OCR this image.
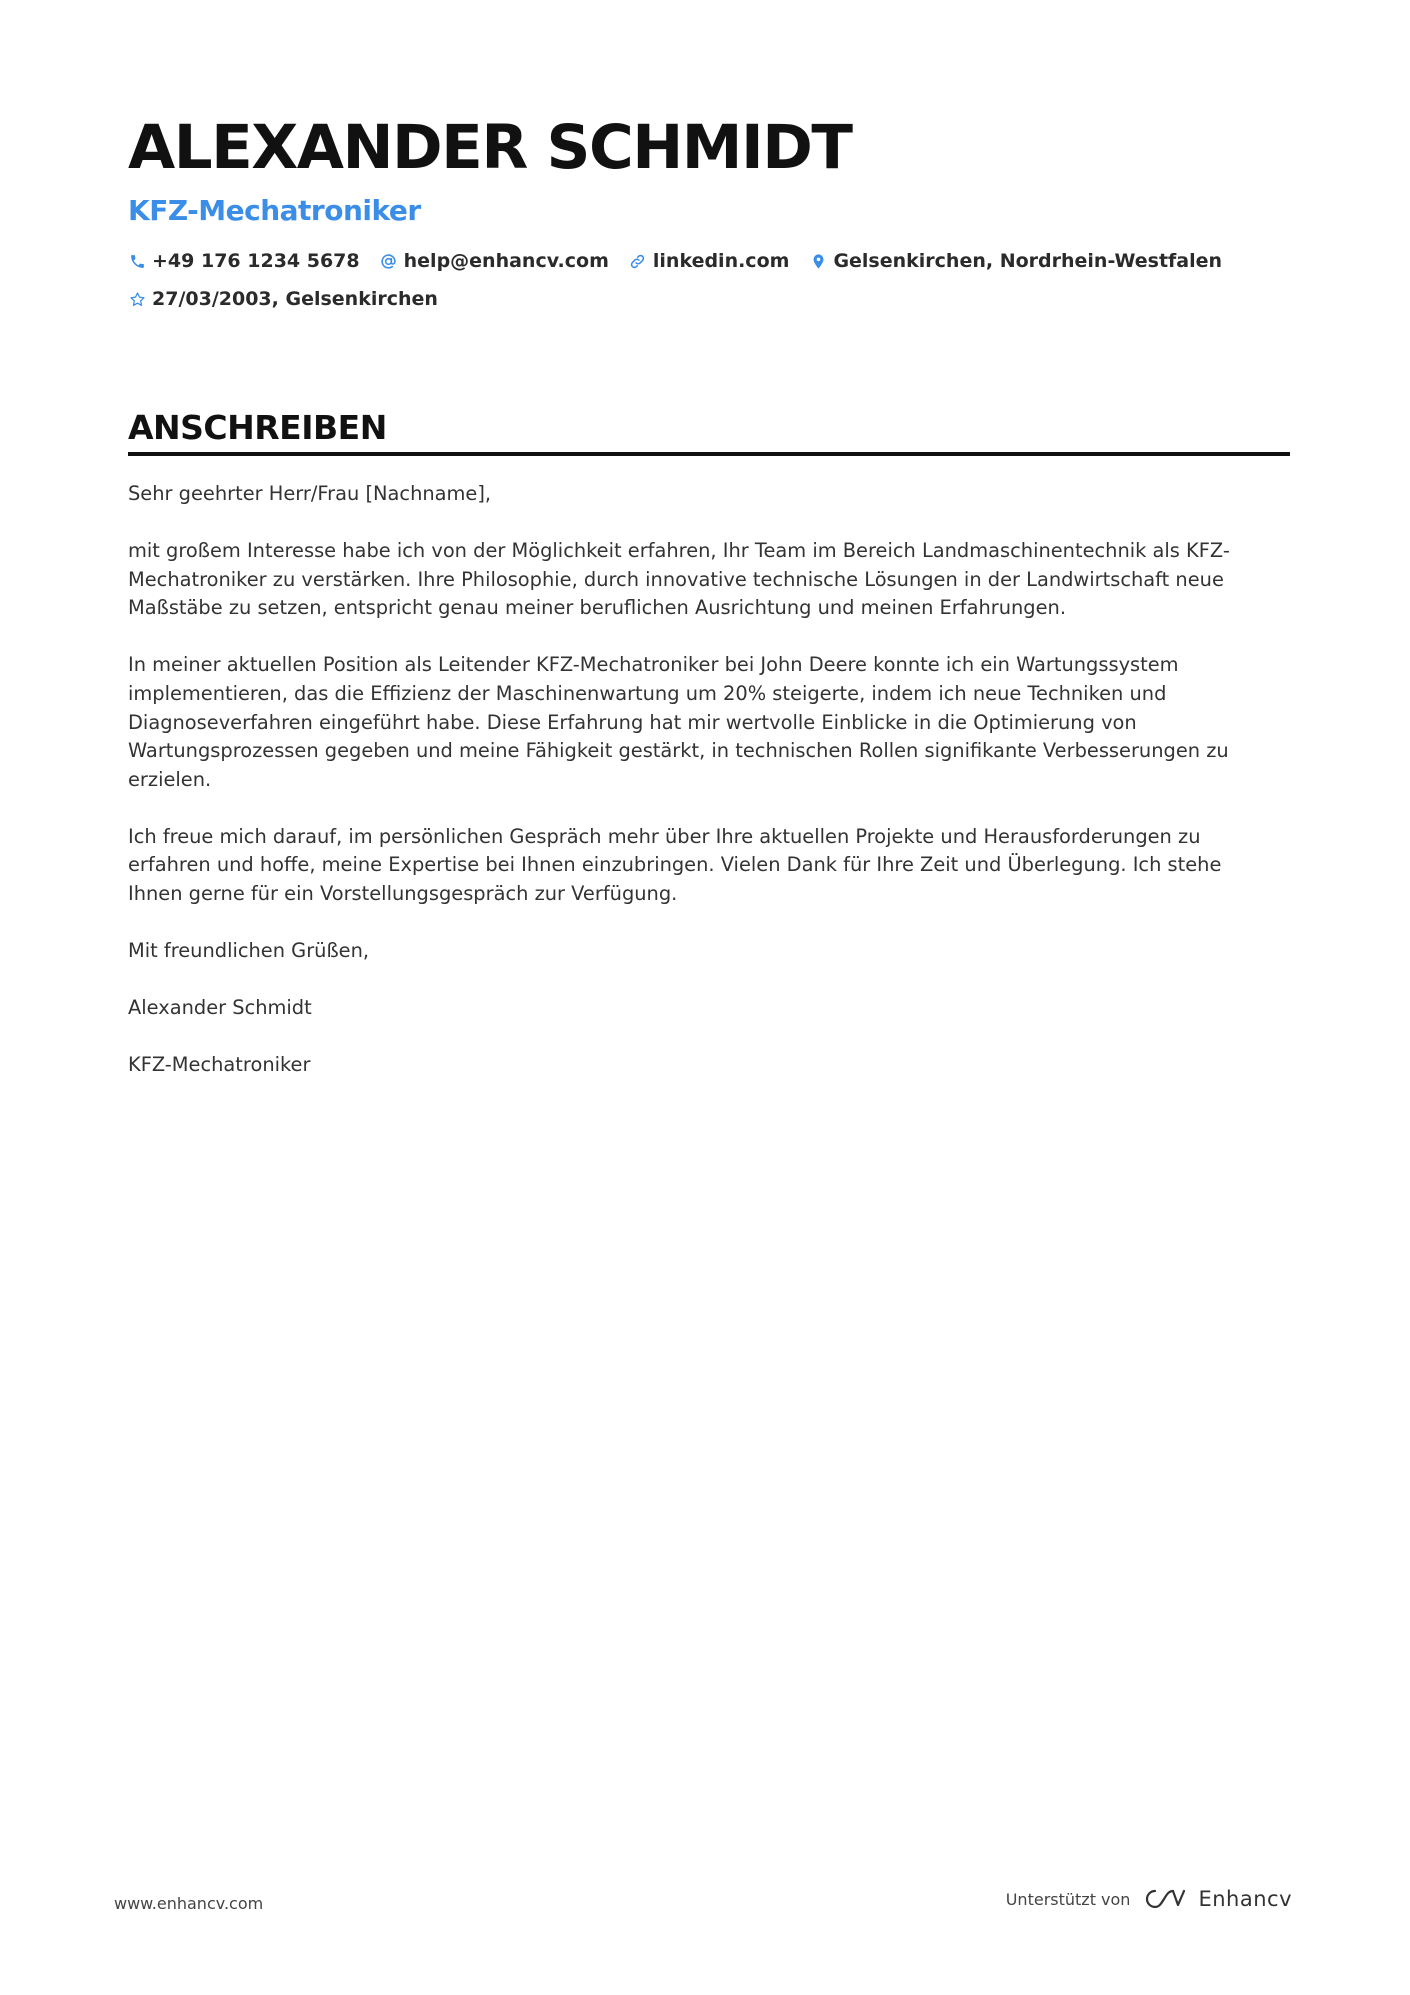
ALEXANDER SCHMIDT
KFZ-Mechatroniker
+49 176 1234 5678 help@enhancv.com linkedin.com Gelsenkirchen, Nordrhein-Westfalen
27/03/2003, Gelsenkirchen
ANSCHREIBEN

Sehr geehrter Herr/Frau [Nachname],

mit großem Interesse habe ich von der Möglichkeit erfahren, Ihr Team im Bereich Landmaschinentechnik als KFZ-Mechatroniker zu verstärken. Ihre Philosophie, durch innovative technische Lösungen in der Landwirtschaft neue Maßstäbe zu setzen, entspricht genau meiner beruflichen Ausrichtung und meinen Erfahrungen.

In meiner aktuellen Position als Leitender KFZ-Mechatroniker bei John Deere konnte ich ein Wartungssystem implementieren, das die Effizienz der Maschinenwartung um 20% steigerte, indem ich neue Techniken und Diagnoseverfahren eingeführt habe. Diese Erfahrung hat mir wertvolle Einblicke in die Optimierung von Wartungsprozessen gegeben und meine Fähigkeit gestärkt, in technischen Rollen signifikante Verbesserungen zu erzielen.

Ich freue mich darauf, im persönlichen Gespräch mehr über Ihre aktuellen Projekte und Herausforderungen zu erfahren und hoffe, meine Expertise bei Ihnen einzubringen. Vielen Dank für Ihre Zeit und Überlegung. Ich stehe Ihnen gerne für ein Vorstellungsgespräch zur Verfügung.

Mit freundlichen Grüßen,

Alexander Schmidt

KFZ-Mechatroniker

www.enhancv.com	Unterstützt von	Enhancv
